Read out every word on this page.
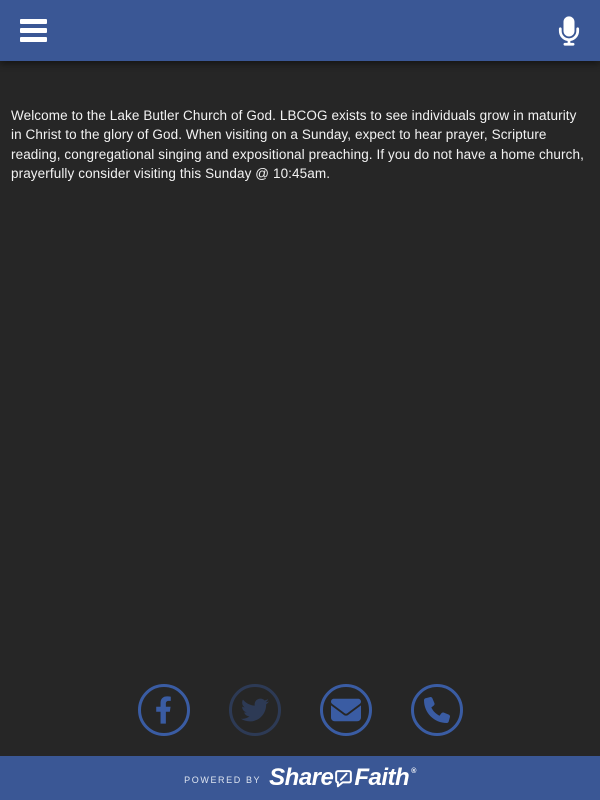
Welcome to the Lake Butler Church of God. LBCOG exists to see individuals grow in maturity in Christ to the glory of God. When visiting on a Sunday, expect to hear prayer, Scripture reading, congregational singing and expositional preaching. If you do not have a home church, prayerfully consider visiting this Sunday @ 10:45am.

POWERED BY Share Faith ®
